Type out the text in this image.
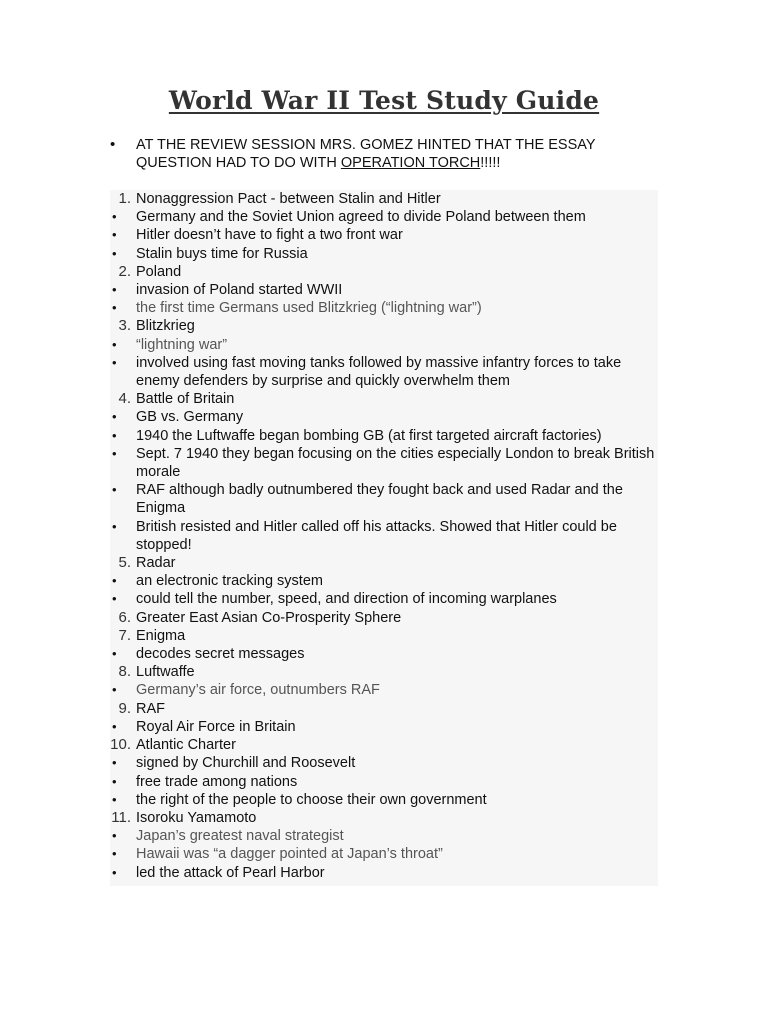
World War II Test Study Guide
• AT THE REVIEW SESSION MRS. GOMEZ HINTED THAT THE ESSAY QUESTION HAD TO DO WITH OPERATION TORCH!!!!!
1. Nonaggression Pact - between Stalin and Hitler
•	Germany and the Soviet Union agreed to divide Poland between them
•	Hitler doesn’t have to fight a two front war
•	Stalin buys time for Russia
2. Poland
•	invasion of Poland started WWII
•	the first time Germans used Blitzkrieg (“lightning war”)
3. Blitzkrieg
•	“lightning war”
•	involved using fast moving tanks followed by massive infantry forces to take enemy defenders by surprise and quickly overwhelm them
4. Battle of Britain
•	GB vs. Germany
•	1940 the Luftwaffe began bombing GB (at first targeted aircraft factories)
•	Sept. 7 1940 they began focusing on the cities especially London to break British morale
•	RAF although badly outnumbered they fought back and used Radar and the Enigma
•	British resisted and Hitler called off his attacks. Showed that Hitler could be stopped!
5. Radar
•	an electronic tracking system
•	could tell the number, speed, and direction of incoming warplanes
6. Greater East Asian Co-Prosperity Sphere
7. Enigma
•	decodes secret messages
8. Luftwaffe
•	Germany’s air force, outnumbers RAF
9. RAF
•	Royal Air Force in Britain
10. Atlantic Charter
•	signed by Churchill and Roosevelt
•	free trade among nations
•	the right of the people to choose their own government
11. Isoroku Yamamoto
•	Japan’s greatest naval strategist
•	Hawaii was “a dagger pointed at Japan’s throat”
•	led the attack of Pearl Harbor
